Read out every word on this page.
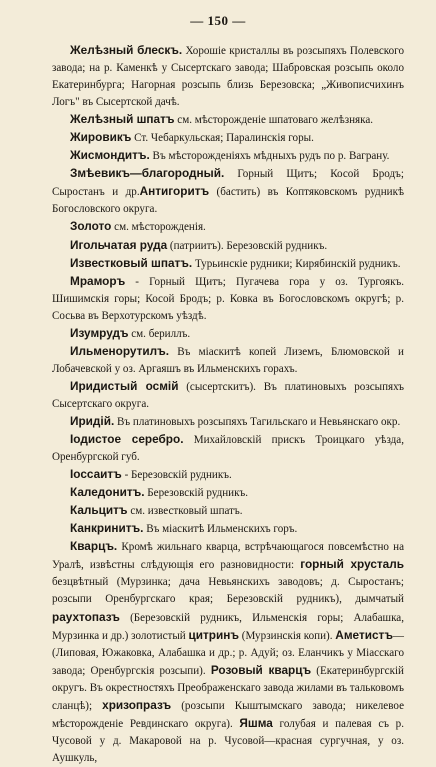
— 150 —

Желѣзный блескъ. Хорошіе кристаллы въ розсыпяхъ Полевского завода; на р. Каменкѣ у Сысертскаго завода; Шабровская розсыпь около Екатеринбурга; Нагорная розсыпь близь Березовска; „Живописчихинъ Логъ" въ Сысертской дачѣ.

Желѣзный шпатъ см. мѣсторожденіе шпатоваго желѣзняка.

Жировикъ Ст. Чебаркульская; Паралинскія горы.

Жисмондитъ. Въ мѣсторожденіяхъ мѣдныхъ рудъ по р. Ваграну.

Змѣевикъ—благородный. Горный Щитъ; Косой Бродъ; Сыростанъ и др.Антигоритъ (бастить) въ Коптяковскомъ рудникѣ Богословского округа.

Золото см. мѣсторожденія.

Игольчатая руда (патриитъ). Березовскій рудникъ.

Известковый шпатъ. Турьинскіе рудники; Кирябинскій рудникъ.

Мраморъ - Горный Щитъ; Пугачева гора у оз. Тургоякъ. Шишимскія горы; Косой Бродъ; р. Ковка въ Богословскомъ округѣ; р. Сосьва въ Верхотурскомъ уѣздѣ.

Изумрудъ см. бериллъ.

Ильменорутилъ. Въ міаскитѣ копей Лиземъ, Блюмовской и Лобачевской у оз. Аргаяшъ въ Ильменскихъ горахъ.

Иридистый осмій (сысертскитъ). Въ платиновыхъ розсыпяхъ Сысертскаго округа.

Иридій. Въ платиновыхъ розсыпяхъ Тагильскаго и Невьянскаго окр.

Іодистое серебро. Михайловскій прискъ Троицкаго уѣзда, Оренбургской губ.

Іоссаитъ - Березовскій рудникъ.

Каледонитъ. Березовскій рудникъ.

Кальцитъ см. известковый шпатъ.

Канкринитъ. Въ міаскитѣ Ильменскихъ горъ.

Кварцъ. Кромѣ жильнаго кварца, встрѣчающагося повсемѣстно на Уралѣ, извѣстны слѣдующія его разновидности: горный хрусталь безцвѣтный (Мурзинка; дача Невьянскихъ заводовъ; д. Сыростанъ; розсыпи Оренбургскаго края; Березовскій рудникъ), дымчатый раухтопазъ (Березовскій рудникъ, Ильменскія горы; Алабашка, Мурзинка и др.) золотистый цитринъ (Мурзинскія копи). Аметистъ— (Липовая, Южаковка, Алабашка и др.; р. Адуй; оз. Еланчикъ у Міасскаго завода; Оренбургскія розсыпи). Розовый кварцъ (Екатеринбургскій округъ. Въ окрестностяхъ Преображенскаго завода жилами въ тальковомъ сланцѣ); хризопразъ (розсыпи Кыштымскаго завода; никелевое мѣсторожденіе Ревдинскаго округа). Яшма голубая и палевая съ р. Чусовой у д. Макаровой на р. Чусовой—красная сургучная, у оз. Аушкуль,
